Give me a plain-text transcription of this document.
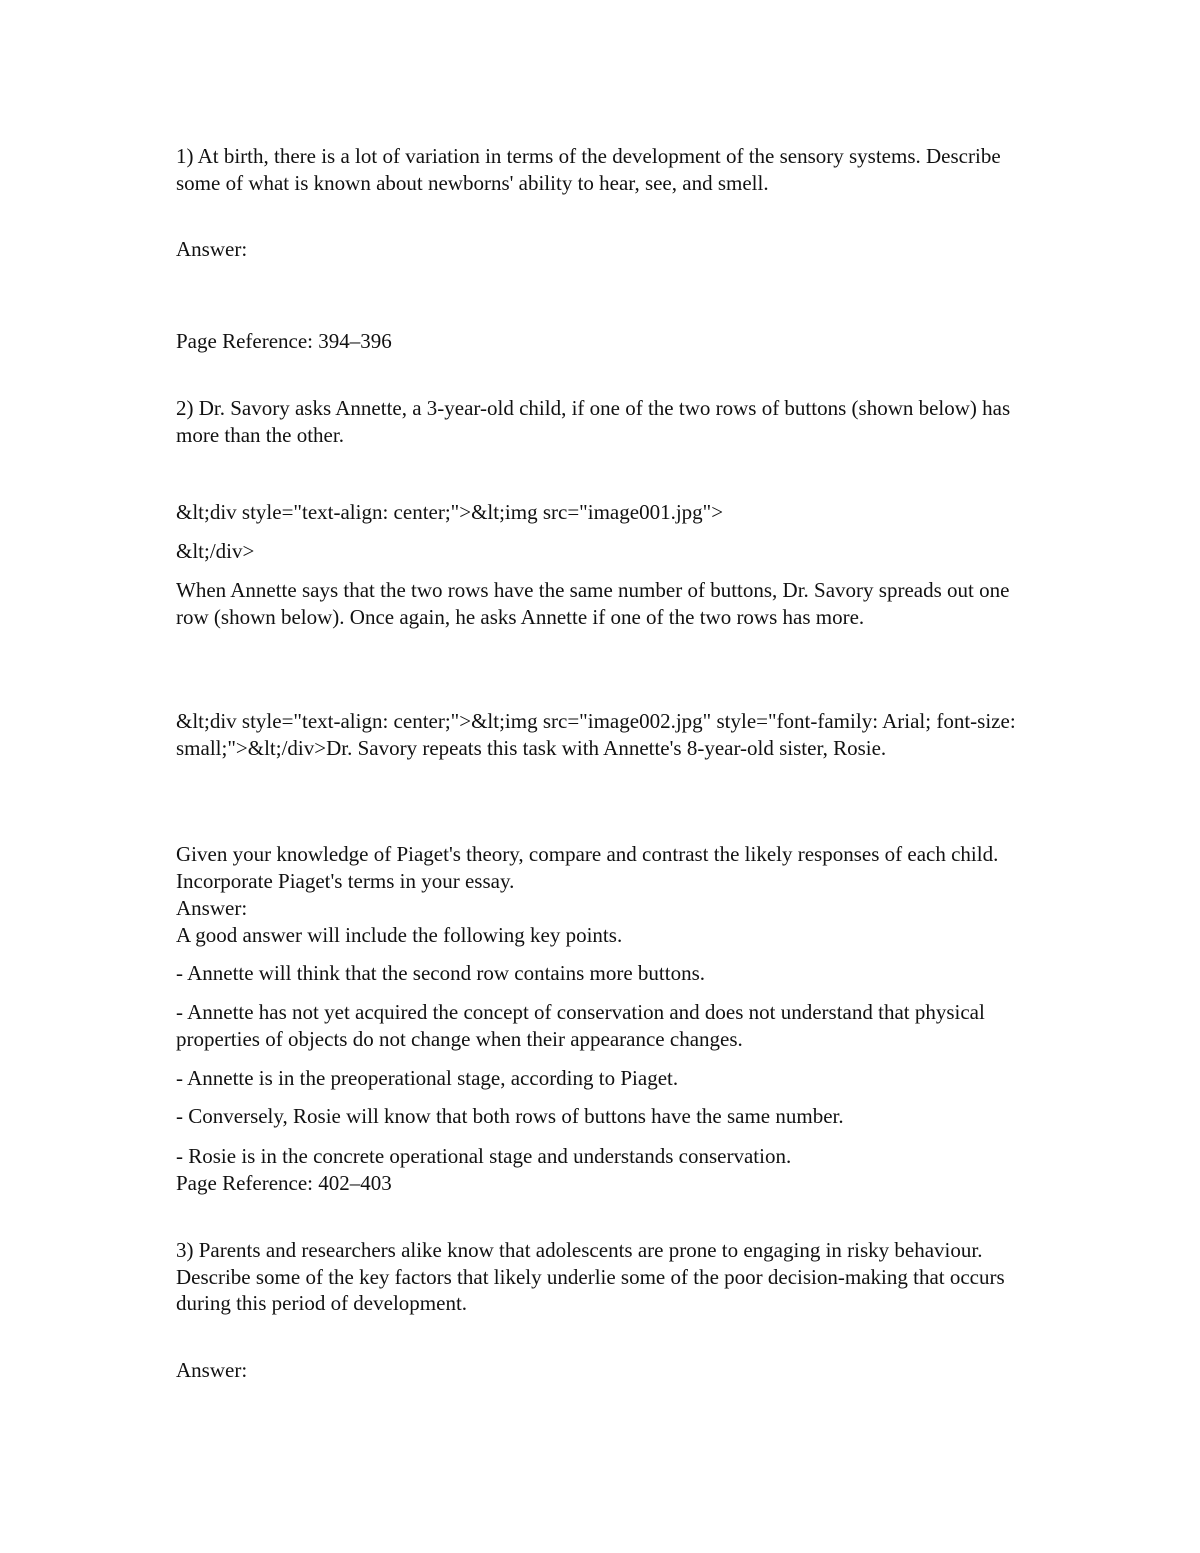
1) At birth, there is a lot of variation in terms of the development of the sensory systems. Describe some of what is known about newborns' ability to hear, see, and smell.

Answer:

Page Reference: 394–396

2) Dr. Savory asks Annette, a 3-year-old child, if one of the two rows of buttons (shown below) has more than the other.

&lt;div style="text-align: center;">&lt;img src="image001.jpg">

&lt;/div>

When Annette says that the two rows have the same number of buttons, Dr. Savory spreads out one row (shown below). Once again, he asks Annette if one of the two rows has more.

&lt;div style="text-align: center;">&lt;img src="image002.jpg" style="font-family: Arial; font-size: small;">&lt;/div>Dr. Savory repeats this task with Annette's 8-year-old sister, Rosie.

Given your knowledge of Piaget's theory, compare and contrast the likely responses of each child. Incorporate Piaget's terms in your essay.

Answer:

A good answer will include the following key points.

- Annette will think that the second row contains more buttons.

- Annette has not yet acquired the concept of conservation and does not understand that physical properties of objects do not change when their appearance changes.

- Annette is in the preoperational stage, according to Piaget.

- Conversely, Rosie will know that both rows of buttons have the same number.

- Rosie is in the concrete operational stage and understands conservation.

Page Reference: 402–403

3) Parents and researchers alike know that adolescents are prone to engaging in risky behaviour. Describe some of the key factors that likely underlie some of the poor decision-making that occurs during this period of development.

Answer:
